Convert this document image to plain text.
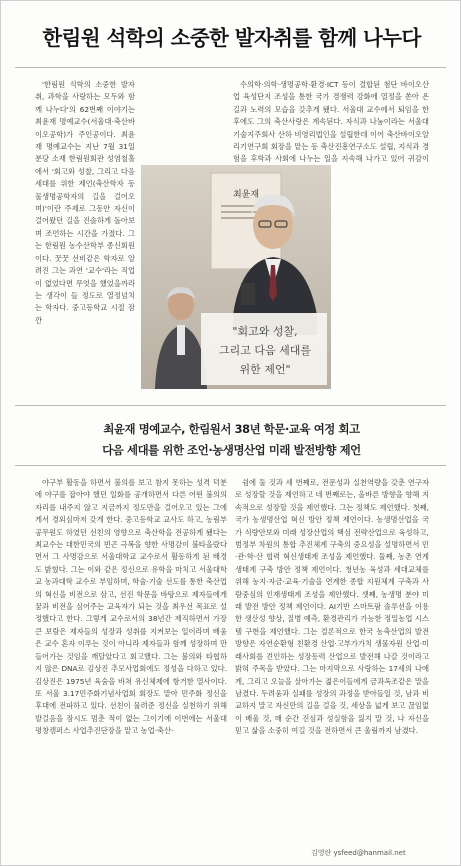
한림원 석학의 소중한 발자취를 함께 나누다

'한림원 석학의 소중한 발자취, 과학을 사랑하는 모두와 함께 나누다'의 62번째 이야기는 최윤재 명예교수(서울대·축산바이오공학)가 주인공이다. 최윤재 명예교수는 지난 7월 31일 분당 소재 한림원회관 성염철홀에서 '회고와 성찰, 그리고 다음 세대를 위한 제언(축산학자 동물생명공학자의 길을 걸어오며)'이란 주제로 그동안 자신이 걸어왔던 길을 진솔하게 돌아보며 조언하는 시간을 가졌다. 그는 한림원 농수산학부 종신회원이다. 꿋꿋 선비같은 학자로 알려진 그는 과연 '교수'라는 직업이 없었다면 무엇을 했었을까라는 생각이 들 정도로 열정넘치는 학자다. 중고등학교 시절 잠깐

수의학·의학·생명공학·환경·ICT 등이 결합된 첨단 바이오산업 육성단지 조성을 통한 국가 경쟁력 강화에 열정을 쏟아 온 길과 노력의 모습을 갖추게 됐다. 서울대 교수에서 퇴임을 한 후에도 그의 축산사랑은 계속된다. 자식과 나눔이라는 서울대 기술지주회사 산하 비영리법인을 설립한데 이어 축산바이오알리기연구회 회장을 맡는 등 축산진흥연구소도 설립, 지식과 경험을 후학과 사회에 나누는 일을 지속해 나가고 있어 귀감이

최윤재
"회고와 성찰,
그리고 다음 세대를
위한 제언"
최윤재 명예교수, 한림원서 38년 학문·교육 여정 회고
다음 세대를 위한 조언·농생명산업 미래 발전방향 제언

야구부 활동을 하면서 불의를 보고 참지 못하는 성격 덕분에 야구를 잡아야 했던 일화를 공개하면서 다른 어떤 불의의 자리를 내주지 않고 지금까지 정도만을 걸어오고 있는 그에게서 경외심마저 갖게 한다. 중고등학교 교사도 하고, 농림부 공무원도 하였던 선친의 영향으로 축산학을 전공하게 됐다는 최교수는 대한민국의 빈곤 극복을 향한 사명감이 불타올랐다면서 그 사명감으로 서울대학교 교수로서 활동하게 된 배경도 밝혔다. 그는 이와 같은 정신으로 유학을 마치고 서울대학교 농과대학 교수로 부임하며, 학술·기술 선도를 통한 축산업의 혁신을 비전으로 삼고, 선진 학문을 바탕으로 제자들에게 꿈과 비전을 심어주는 교육자가 되는 것을 최우선 목표로 설정했다고 한다. 그렇게 교수로서의 38년간 재직하면서 가장 큰 보람은 제자들의 성장과 성취를 지켜보는 일이라며 배움은 교수 혼자 이루는 것이 아니라 제자들과 함께 성장하며 만들어가는 것임을 깨달았다고 회고했다. 그는 불의와 타협하지 않은 DNA로 김상진 추모사업회에도 정성을 다하고 있다. 김상진은 1975년 육숨을 바쳐 유신체제에 항거한 열사이다. 또 서울 3.17민주화기념사업회 회장도 맡아 민주화 정신을 후대에 전파하고 있다. 선친이 물려준 정신을 실천하기 위해 발걸음을 잠시도 멈춘 적이 없는 그이기에 이번에는 서울대 평창캠퍼스 사업추진단장을 맡고 농업·축산·

쉼에 둘 것과 세 번째로, 전문성과 실천역량을 갖춘 연구자로 성장할 것을 제언하고 네 번째로는, 올바른 방향을 향해 지속적으로 성장할 것을 제언했다. 그는 정책도 제언했다. 첫째, 국가 농생명산업 혁신 방안 정책 제언이다. 농생명산업을 국가 식량안보와 미래 성장산업의 핵심 전략산업으로 육성하고, 범정부 차원의 통합 추진체계 구축의 중요성을 설명하면서 민·관·학·산 협력 혁신생태계 조성을 제언했다. 둘째, 농촌 연계생태계 구축 방안 정책 제언이다. 청년농 육성과 세대교체를 위해 농지·자금·교육·기술을 연계한 종합 지원체계 구축과 사람중심의 인재생태계 조성을 제안했다. 셋째, 농생명 분야 미래 발전 방안 정책 제언이다. AI기반 스마트팜 솔루션을 이용한 생산성 향상, 질병 예측, 환경관리가 가능한 정밀농업 시스템 구현을 제언했다. 그는 결론적으로 한국 농축산업의 발전 방향은 자연순환형 친환경 산업·고부가가치 생물자원 산업·미래사회를 견인하는 성장동력 산업으로 발전해 나갈 것이라고 밝혀 주목을 받았다. 그는 마지막으로 사랑하는 17세의 나에게, 그리고 오늘을 살아가는 젊은이들에게 금과옥조같은 말을 남겼다. 두려움과 실패를 성장의 과정을 받아들일 것, 남과 비교하지 말고 자신만의 길을 걸을 것, 세상을 넓게 보고 끊임없이 배울 것, 매 순간 진심과 성실함을 잃지 말 것, 나 자신을 믿고 삶을 소중히 여길 것을 전하면서 큰 울림까지 남겼다.

김영란 ysfeed@hanmail.net
